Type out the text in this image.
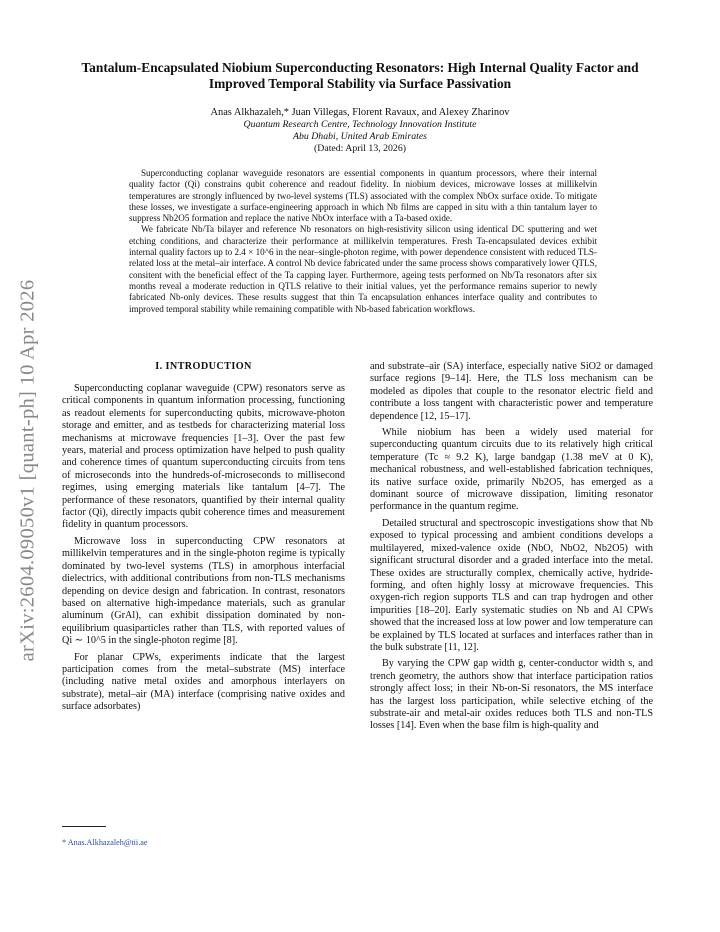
arXiv:2604.09050v1 [quant-ph] 10 Apr 2026
Tantalum-Encapsulated Niobium Superconducting Resonators: High Internal Quality Factor and Improved Temporal Stability via Surface Passivation
Anas Alkhazaleh,* Juan Villegas, Florent Ravaux, and Alexey Zharinov
Quantum Research Centre, Technology Innovation Institute
Abu Dhabi, United Arab Emirates
(Dated: April 13, 2026)

Superconducting coplanar waveguide resonators are essential components in quantum processors, where their internal quality factor (Qi) constrains qubit coherence and readout fidelity. In niobium devices, microwave losses at millikelvin temperatures are strongly influenced by two-level systems (TLS) associated with the complex NbOx surface oxide. To mitigate these losses, we investigate a surface-engineering approach in which Nb films are capped in situ with a thin tantalum layer to suppress Nb2O5 formation and replace the native NbOx interface with a Ta-based oxide.

We fabricate Nb/Ta bilayer and reference Nb resonators on high-resistivity silicon using identical DC sputtering and wet etching conditions, and characterize their performance at millikelvin temperatures. Fresh Ta-encapsulated devices exhibit internal quality factors up to 2.4 × 10^6 in the near–single-photon regime, with power dependence consistent with reduced TLS-related loss at the metal–air interface. A control Nb device fabricated under the same process shows comparatively lower QTLS, consitent with the beneficial effect of the Ta capping layer. Furthermore, ageing tests performed on Nb/Ta resonators after six months reveal a moderate reduction in QTLS relative to their initial values, yet the performance remains superior to newly fabricated Nb-only devices. These results suggest that thin Ta encapsulation enhances interface quality and contributes to improved temporal stability while remaining compatible with Nb-based fabrication workflows.

I. INTRODUCTION

Superconducting coplanar waveguide (CPW) resonators serve as critical components in quantum information processing, functioning as readout elements for superconducting qubits, microwave-photon storage and emitter, and as testbeds for characterizing material loss mechanisms at microwave frequencies [1–3]. Over the past few years, material and process optimization have helped to push quality and coherence times of quantum superconducting circuits from tens of microseconds into the hundreds-of-microseconds to millisecond regimes, using emerging materials like tantalum [4–7]. The performance of these resonators, quantified by their internal quality factor (Qi), directly impacts qubit coherence times and measurement fidelity in quantum processors.

Microwave loss in superconducting CPW resonators at millikelvin temperatures and in the single-photon regime is typically dominated by two-level systems (TLS) in amorphous interfacial dielectrics, with additional contributions from non-TLS mechanisms depending on device design and fabrication. In contrast, resonators based on alternative high-impedance materials, such as granular aluminum (GrAl), can exhibit dissipation dominated by non-equilibrium quasiparticles rather than TLS, with reported values of Qi ∼ 10^5 in the single-photon regime [8].

For planar CPWs, experiments indicate that the largest participation comes from the metal–substrate (MS) interface (including native metal oxides and amorphous interlayers on substrate), metal–air (MA) interface (comprising native oxides and surface adsorbates)

and substrate–air (SA) interface, especially native SiO2 or damaged surface regions [9–14]. Here, the TLS loss mechanism can be modeled as dipoles that couple to the resonator electric field and contribute a loss tangent with characteristic power and temperature dependence [12, 15–17].

While niobium has been a widely used material for superconducting quantum circuits due to its relatively high critical temperature (Tc ≈ 9.2 K), large bandgap (1.38 meV at 0 K), mechanical robustness, and well-established fabrication techniques, its native surface oxide, primarily Nb2O5, has emerged as a dominant source of microwave dissipation, limiting resonator performance in the quantum regime.

Detailed structural and spectroscopic investigations show that Nb exposed to typical processing and ambient conditions develops a multilayered, mixed-valence oxide (NbO, NbO2, Nb2O5) with significant structural disorder and a graded interface into the metal. These oxides are structurally complex, chemically active, hydride-forming, and often highly lossy at microwave frequencies. This oxygen-rich region supports TLS and can trap hydrogen and other impurities [18–20]. Early systematic studies on Nb and Al CPWs showed that the increased loss at low power and low temperature can be explained by TLS located at surfaces and interfaces rather than in the bulk substrate [11, 12].

By varying the CPW gap width g, center-conductor width s, and trench geometry, the authors show that interface participation ratios strongly affect loss; in their Nb-on-Si resonators, the MS interface has the largest loss participation, while selective etching of the substrate-air and metal-air oxides reduces both TLS and non-TLS losses [14]. Even when the base film is high-quality and

* Anas.Alkhazaleh@tii.ae
